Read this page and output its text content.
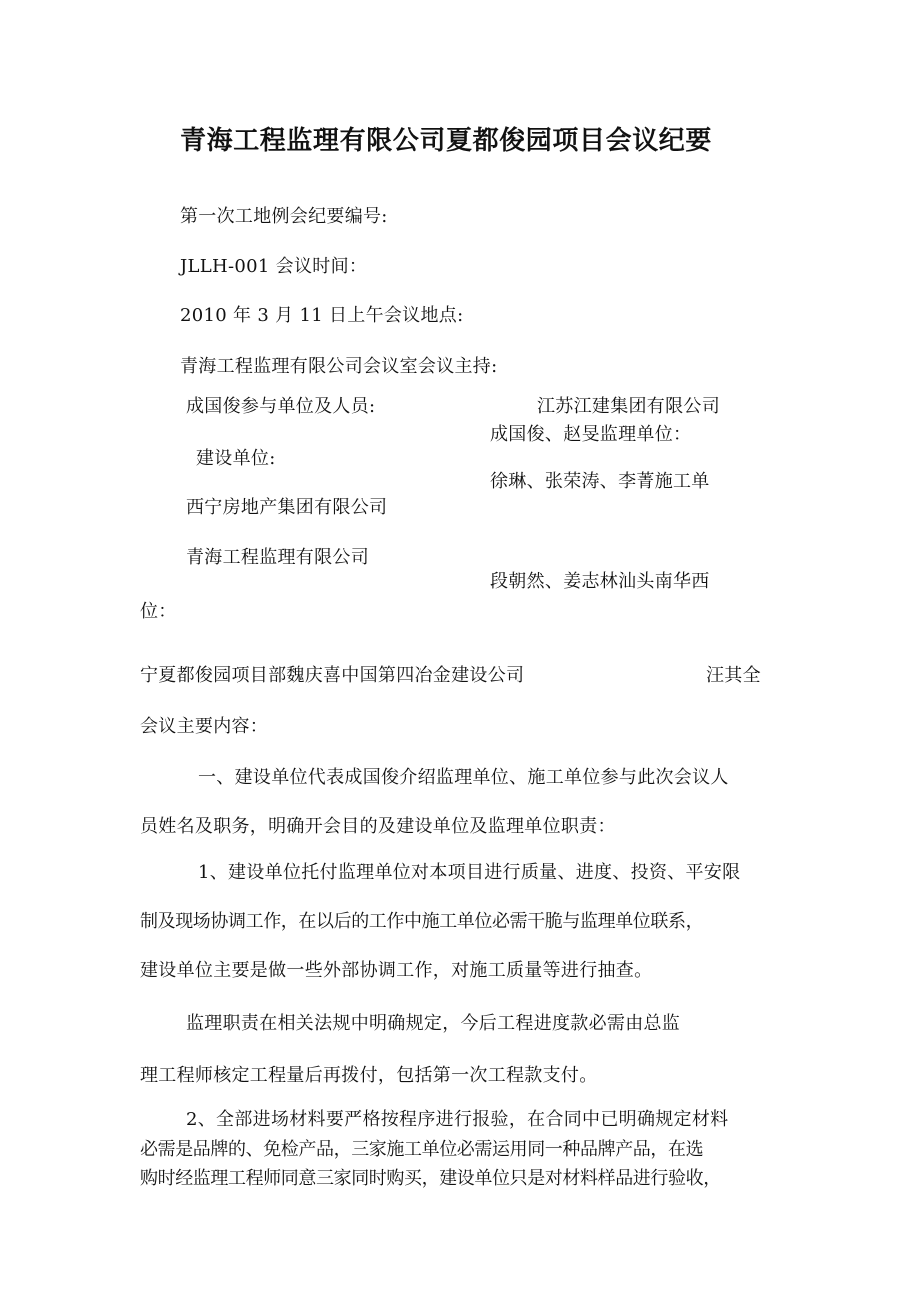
青海工程监理有限公司夏都俊园项目会议纪要

第一次工地例会纪要编号:

JLLH-001 会议时间：

2010 年 3 月 11 日上午会议地点:

青海工程监理有限公司会议室会议主持:

成国俊参与单位及人员:	江苏江建集团有限公司

成国俊、赵旻监理单位：

建设单位:

徐琳、张荣涛、李菁施工单

西宁房地产集团有限公司

青海工程监理有限公司

段朝然、姜志林汕头南华西

位：

宁夏都俊园项目部魏庆喜中国第四冶金建设公司	汪其全

会议主要内容：

一、建设单位代表成国俊介绍监理单位、施工单位参与此次会议人

员姓名及职务，明确开会目的及建设单位及监理单位职责：

1、建设单位托付监理单位对本项目进行质量、进度、投资、平安限

制及现场协调工作，在以后的工作中施工单位必需干脆与监理单位联系，

建设单位主要是做一些外部协调工作，对施工质量等进行抽查。

监理职责在相关法规中明确规定，今后工程进度款必需由总监

理工程师核定工程量后再拨付，包括第一次工程款支付。

2、全部进场材料要严格按程序进行报验，在合同中已明确规定材料

必需是品牌的、免检产品，三家施工单位必需运用同一种品牌产品，在选

购时经监理工程师同意三家同时购买，建设单位只是对材料样品进行验收，
